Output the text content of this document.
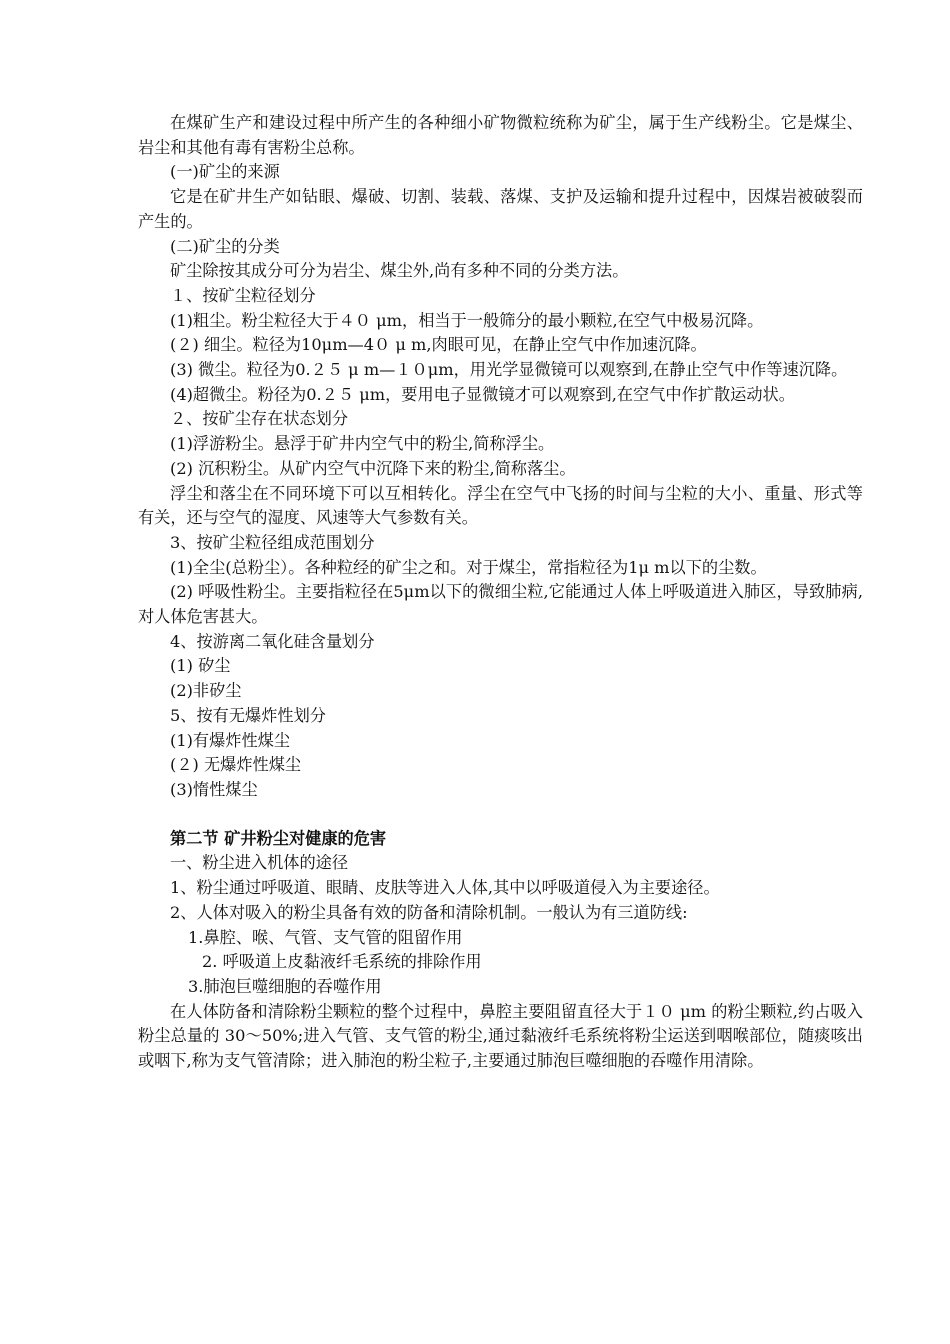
在煤矿生产和建设过程中所产生的各种细小矿物微粒统称为矿尘，属于生产线粉尘。它是煤尘、岩尘和其他有毒有害粉尘总称。

(一)矿尘的来源

它是在矿井生产如钻眼、爆破、切割、装载、落煤、支护及运输和提升过程中，因煤岩被破裂而产生的。

(二)矿尘的分类

矿尘除按其成分可分为岩尘、煤尘外,尚有多种不同的分类方法。

１、按矿尘粒径划分

(1)粗尘。粉尘粒径大于４０ μm，相当于一般筛分的最小颗粒,在空气中极易沉降。

(２) 细尘。粒径为10μm—4０ μ m,肉眼可见，在静止空气中作加速沉降。

(3) 微尘。粒径为0.２５ μ m—１０μm，用光学显微镜可以观察到,在静止空气中作等速沉降。

(4)超微尘。粉径为0.２５ μm，要用电子显微镜才可以观察到,在空气中作扩散运动状。

２、按矿尘存在状态划分

(1)浮游粉尘。悬浮于矿井内空气中的粉尘,简称浮尘。

(2) 沉积粉尘。从矿内空气中沉降下来的粉尘,简称落尘。

浮尘和落尘在不同环境下可以互相转化。浮尘在空气中飞扬的时间与尘粒的大小、重量、形式等有关，还与空气的湿度、风速等大气参数有关。

3、按矿尘粒径组成范围划分

(1)全尘(总粉尘）。各种粒经的矿尘之和。对于煤尘，常指粒径为1μ m以下的尘数。

(2) 呼吸性粉尘。主要指粒径在5μm以下的微细尘粒,它能通过人体上呼吸道进入肺区，导致肺病,对人体危害甚大。

4、按游离二氧化硅含量划分

(1) 矽尘

(2)非矽尘

5、按有无爆炸性划分

(1)有爆炸性煤尘

(２) 无爆炸性煤尘

(3)惰性煤尘

第二节 矿井粉尘对健康的危害

一、粉尘进入机体的途径

1、粉尘通过呼吸道、眼睛、皮肤等进入人体,其中以呼吸道侵入为主要途径。

2、人体对吸入的粉尘具备有效的防备和清除机制。一般认为有三道防线:

1.鼻腔、喉、气管、支气管的阻留作用

2. 呼吸道上皮黏液纤毛系统的排除作用

3.肺泡巨噬细胞的吞噬作用

在人体防备和清除粉尘颗粒的整个过程中，鼻腔主要阻留直径大于１０ μm 的粉尘颗粒,约占吸入粉尘总量的 30～50%;进入气管、支气管的粉尘,通过黏液纤毛系统将粉尘运送到咽喉部位，随痰咳出或咽下,称为支气管清除；进入肺泡的粉尘粒子,主要通过肺泡巨噬细胞的吞噬作用清除。
